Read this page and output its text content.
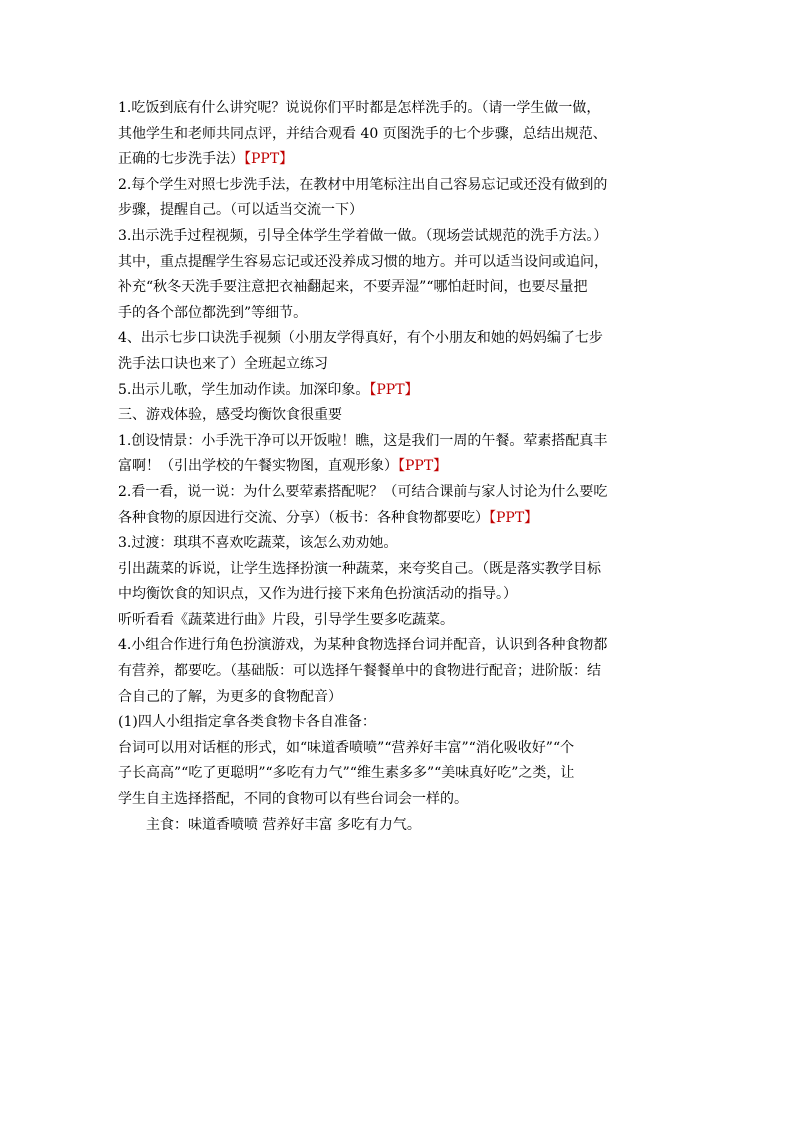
1.吃饭到底有什么讲究呢？说说你们平时都是怎样洗手的。（请一学生做一做，
其他学生和老师共同点评，并结合观看 40 页图洗手的七个步骤，总结出规范、
正确的七步洗手法）【PPT】
2.每个学生对照七步洗手法，在教材中用笔标注出自己容易忘记或还没有做到的
步骤，提醒自己。（可以适当交流一下）
3.出示洗手过程视频，引导全体学生学着做一做。（现场尝试规范的洗手方法。）
其中，重点提醒学生容易忘记或还没养成习惯的地方。并可以适当设问或追问，
补充“秋冬天洗手要注意把衣袖翻起来，不要弄湿”“哪怕赶时间，也要尽量把
手的各个部位都洗到”等细节。
4、出示七步口诀洗手视频（小朋友学得真好，有个小朋友和她的妈妈编了七步
洗手法口诀也来了）全班起立练习
5.出示儿歌，学生加动作读。加深印象。【PPT】
三、游戏体验，感受均衡饮食很重要
1.创设情景：小手洗干净可以开饭啦！瞧，这是我们一周的午餐。荤素搭配真丰
富啊！（引出学校的午餐实物图，直观形象）【PPT】
2.看一看，说一说：为什么要荤素搭配呢？（可结合课前与家人讨论为什么要吃
各种食物的原因进行交流、分享）（板书：各种食物都要吃）【PPT】
3.过渡：琪琪不喜欢吃蔬菜，该怎么劝劝她。
引出蔬菜的诉说，让学生选择扮演一种蔬菜，来夸奖自己。（既是落实教学目标
中均衡饮食的知识点，又作为进行接下来角色扮演活动的指导。）
听听看看《蔬菜进行曲》片段，引导学生要多吃蔬菜。
4.小组合作进行角色扮演游戏，为某种食物选择台词并配音，认识到各种食物都
有营养，都要吃。（基础版：可以选择午餐餐单中的食物进行配音；进阶版：结
合自己的了解，为更多的食物配音）
(1)四人小组指定拿各类食物卡各自准备：
台词可以用对话框的形式，如“味道香喷喷”“营养好丰富”“消化吸收好”“个
子长高高”“吃了更聪明”“多吃有力气”“维生素多多”“美味真好吃”之类，让
学生自主选择搭配，不同的食物可以有些台词会一样的。
主食：味道香喷喷 营养好丰富 多吃有力气。
